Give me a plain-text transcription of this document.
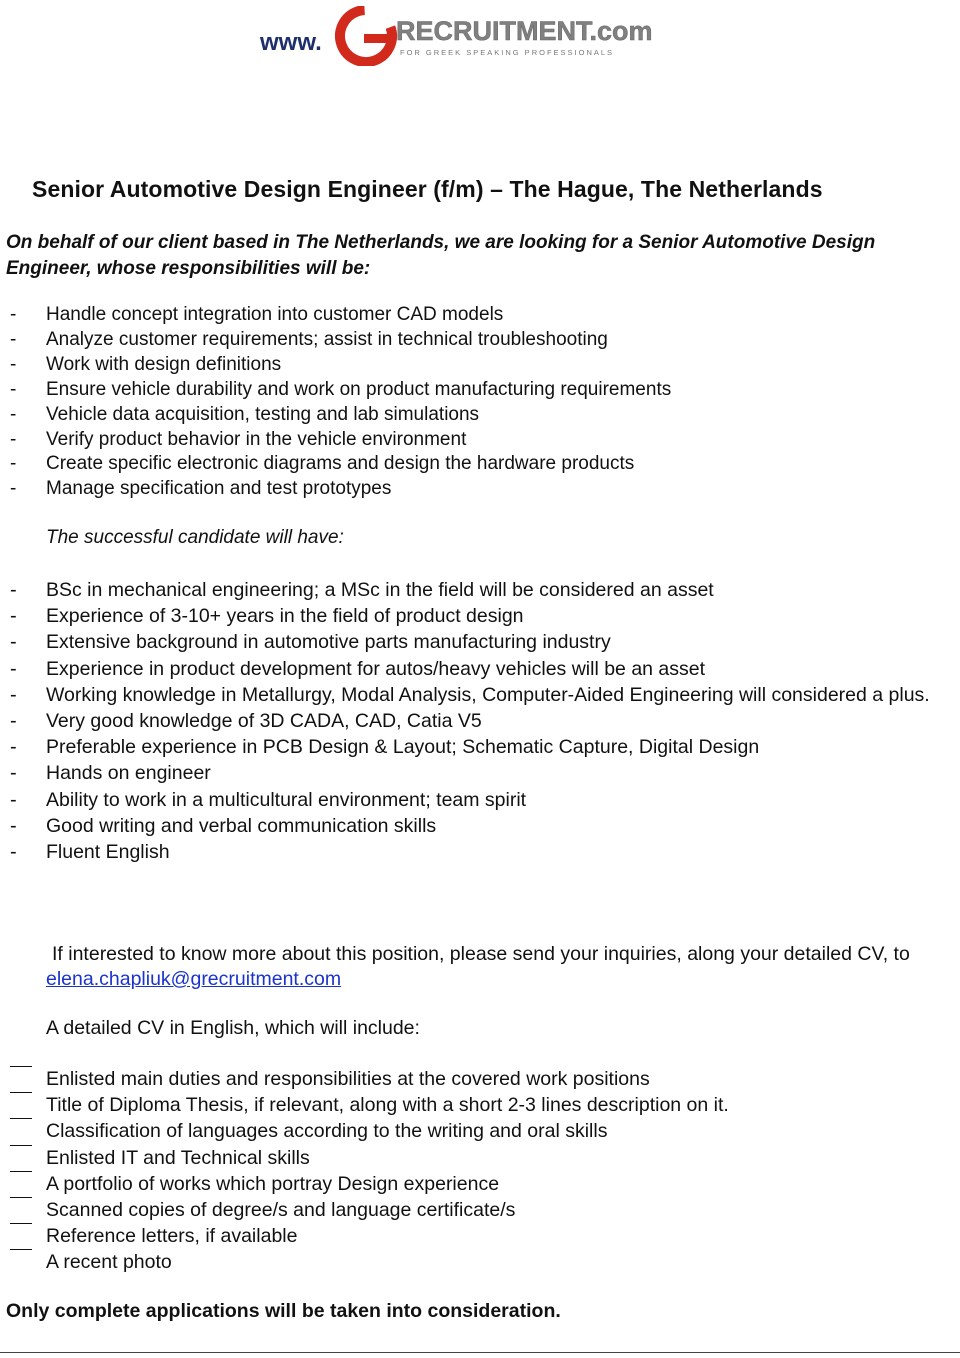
www.	RECRUITMENT.com
FOR GREEK SPEAKING PROFESSIONALS
Senior Automotive Design Engineer (f/m) – The Hague, The Netherlands
On behalf of our client based in The Netherlands, we are looking for a Senior Automotive Design Engineer, whose responsibilities will be:
- Handle concept integration into customer CAD models
- Analyze customer requirements; assist in technical troubleshooting
- Work with design definitions
- Ensure vehicle durability and work on product manufacturing requirements
- Vehicle data acquisition, testing and lab simulations
- Verify product behavior in the vehicle environment
- Create specific electronic diagrams and design the hardware products
- Manage specification and test prototypes
The successful candidate will have:
- BSc in mechanical engineering; a MSc in the field will be considered an asset
- Experience of 3-10+ years in the field of product design
- Extensive background in automotive parts manufacturing industry
- Experience in product development for autos/heavy vehicles will be an asset
- Working knowledge in Metallurgy, Modal Analysis, Computer-Aided Engineering will considered a plus.
- Very good knowledge of 3D CADA, CAD, Catia V5
- Preferable experience in PCB Design & Layout; Schematic Capture, Digital Design
- Hands on engineer
- Ability to work in a multicultural environment; team spirit
- Good writing and verbal communication skills
- Fluent English
If interested to know more about this position, please send your inquiries, along your detailed CV, to elena.chapliuk@grecruitment.com
A detailed CV in English, which will include:
Enlisted main duties and responsibilities at the covered work positions
Title of Diploma Thesis, if relevant, along with a short 2-3 lines description on it.
Classification of languages according to the writing and oral skills
Enlisted IT and Technical skills
A portfolio of works which portray Design experience
Scanned copies of degree/s and language certificate/s
Reference letters, if available
A recent photo
Only complete applications will be taken into consideration.
